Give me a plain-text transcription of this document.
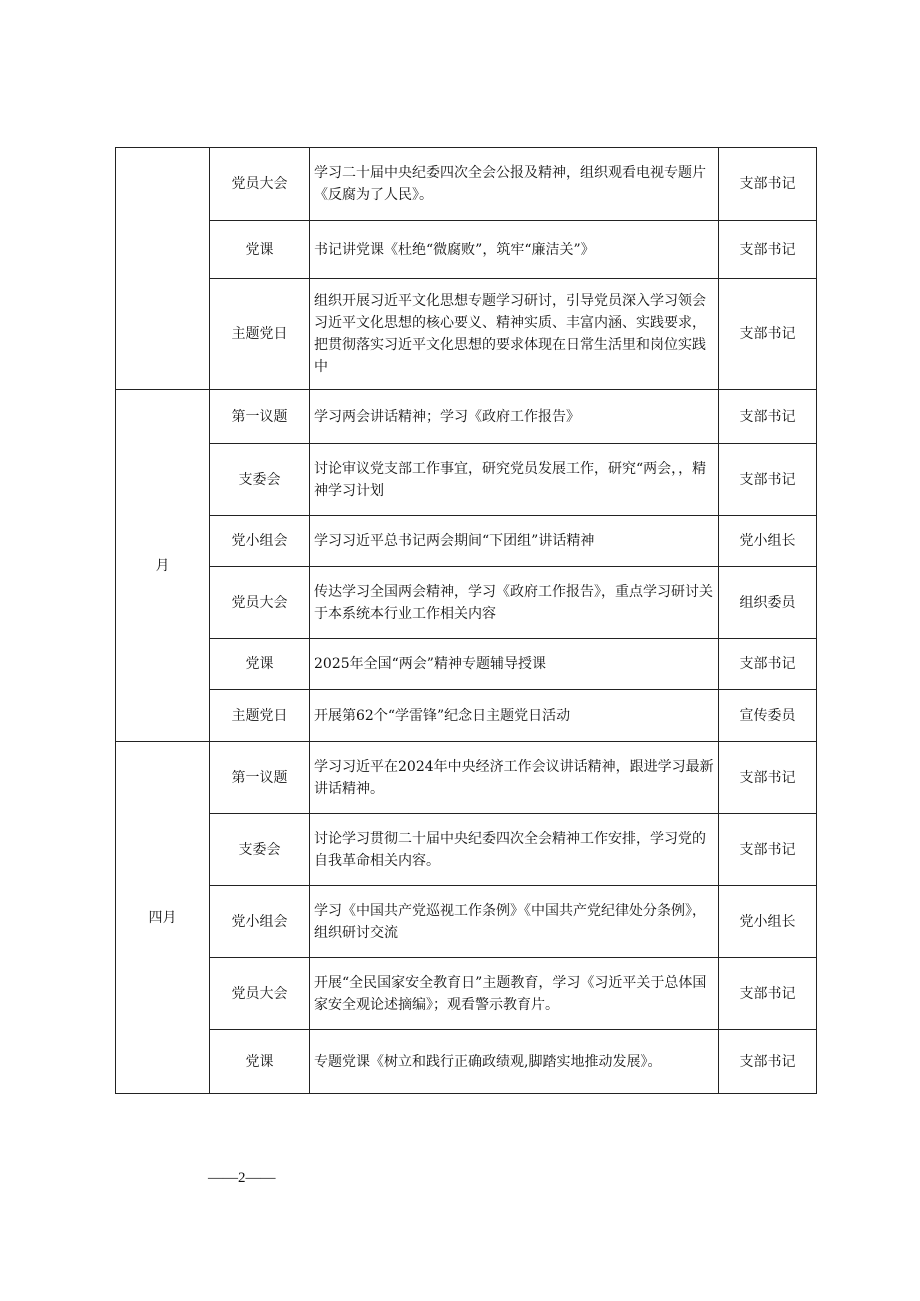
	党员大会	学习二十届中央纪委四次全会公报及精神，组织观看电视专题片《反腐为了人民》。	支部书记
	党课	书记讲党课《杜绝“微腐败”，筑牢“廉洁关”》	支部书记
	主题党日	组织开展习近平文化思想专题学习研讨，引导党员深入学习领会习近平文化思想的核心要义、精神实质、丰富内涵、实践要求，把贯彻落实习近平文化思想的要求体现在日常生活里和岗位实践中	支部书记
月	第一议题	学习两会讲话精神；学习《政府工作报告》	支部书记
	支委会	讨论审议党支部工作事宜，研究党员发展工作，研究“两会，，精神学习计划	支部书记
	党小组会	学习习近平总书记两会期间“下团组”讲话精神	党小组长
	党员大会	传达学习全国两会精神，学习《政府工作报告》，重点学习研讨关于本系统本行业工作相关内容	组织委员
	党课	2025年全国“两会”精神专题辅导授课	支部书记
	主题党日	开展第62个“学雷锋”纪念日主题党日活动	宣传委员
四月	第一议题	学习习近平在2024年中央经济工作会议讲话精神，跟进学习最新讲话精神。	支部书记
	支委会	讨论学习贯彻二十届中央纪委四次全会精神工作安排，学习党的自我革命相关内容。	支部书记
	党小组会	学习《中国共产党巡视工作条例》《中国共产党纪律处分条例》，组织研讨交流	党小组长
	党员大会	开展“全民国家安全教育日”主题教育，学习《习近平关于总体国家安全观论述摘编》；观看警示教育片。	支部书记
	党课	专题党课《树立和践行正确政绩观,脚踏实地推动发展》。	支部书记
——2——
